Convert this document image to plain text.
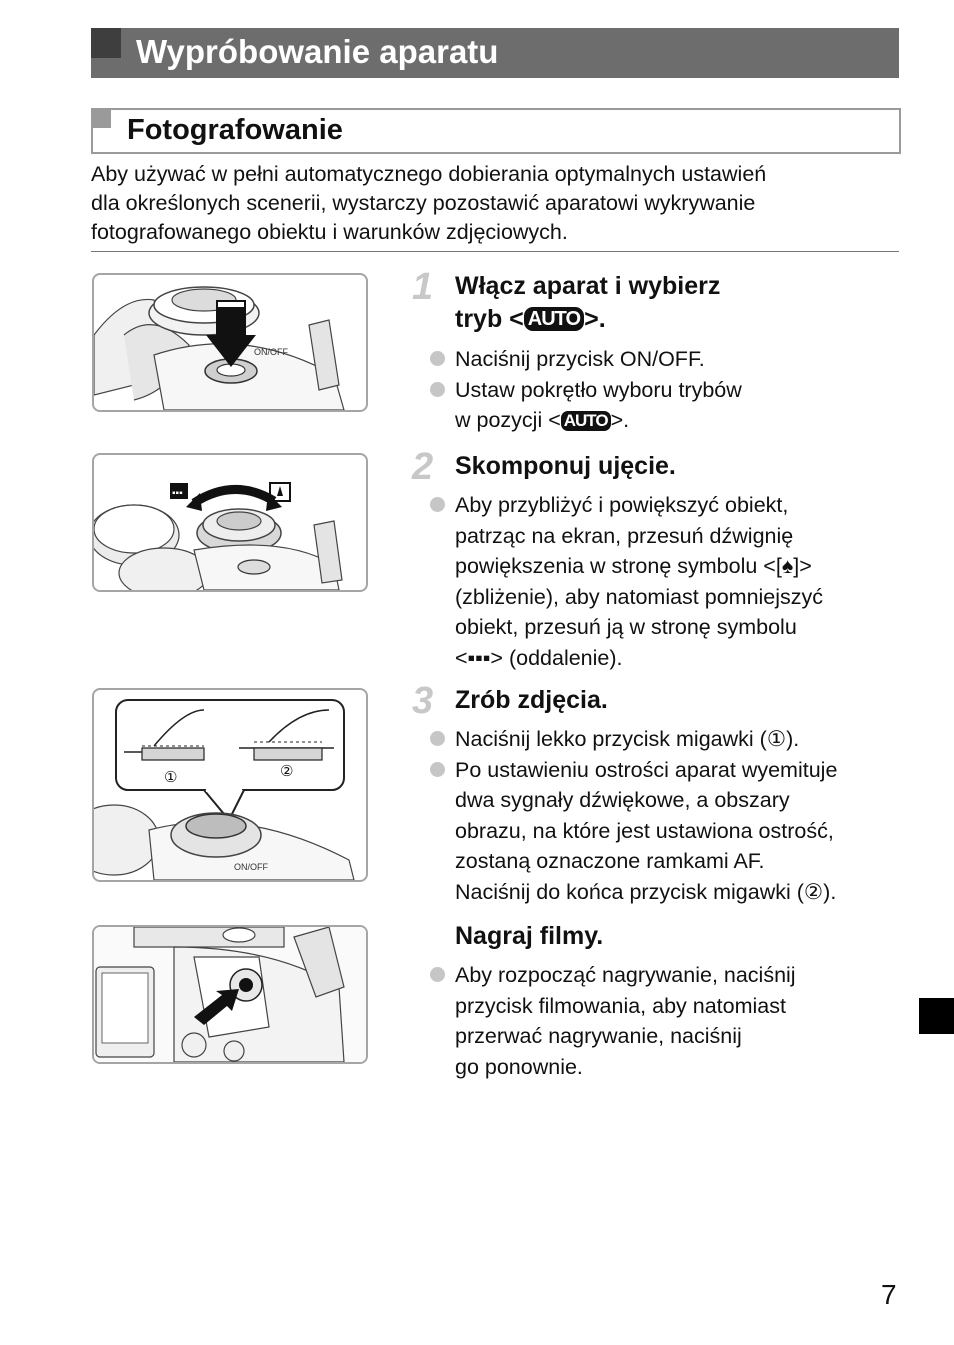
Wypróbowanie aparatu
Fotografowanie
Aby używać w pełni automatycznego dobierania optymalnych ustawień
dla określonych scenerii, wystarczy pozostawić aparatowi wykrywanie
fotografowanego obiektu i warunków zdjęciowych.
ON/OFF
▪▪▪
①	②
ON/OFF
1 Włącz aparat i wybierz
tryb < AUTO >.
Naciśnij przycisk ON/OFF.
Ustaw pokrętło wyboru trybów
w pozycji < AUTO >.
2 Skomponuj ujęcie.
Aby przybliżyć i powiększyć obiekt,
patrząc na ekran, przesuń dźwignię
powiększenia w stronę symbolu <[♠]>
(zbliżenie), aby natomiast pomniejszyć
obiekt, przesuń ją w stronę symbolu
<▪▪▪> (oddalenie).
3 Zrób zdjęcia.
Naciśnij lekko przycisk migawki (①).
Po ustawieniu ostrości aparat wyemituje
dwa sygnały dźwiękowe, a obszary
obrazu, na które jest ustawiona ostrość,
zostaną oznaczone ramkami AF.
Naciśnij do końca przycisk migawki (②).
Nagraj filmy.
Aby rozpocząć nagrywanie, naciśnij
przycisk filmowania, aby natomiast
przerwać nagrywanie, naciśnij
go ponownie.
7
